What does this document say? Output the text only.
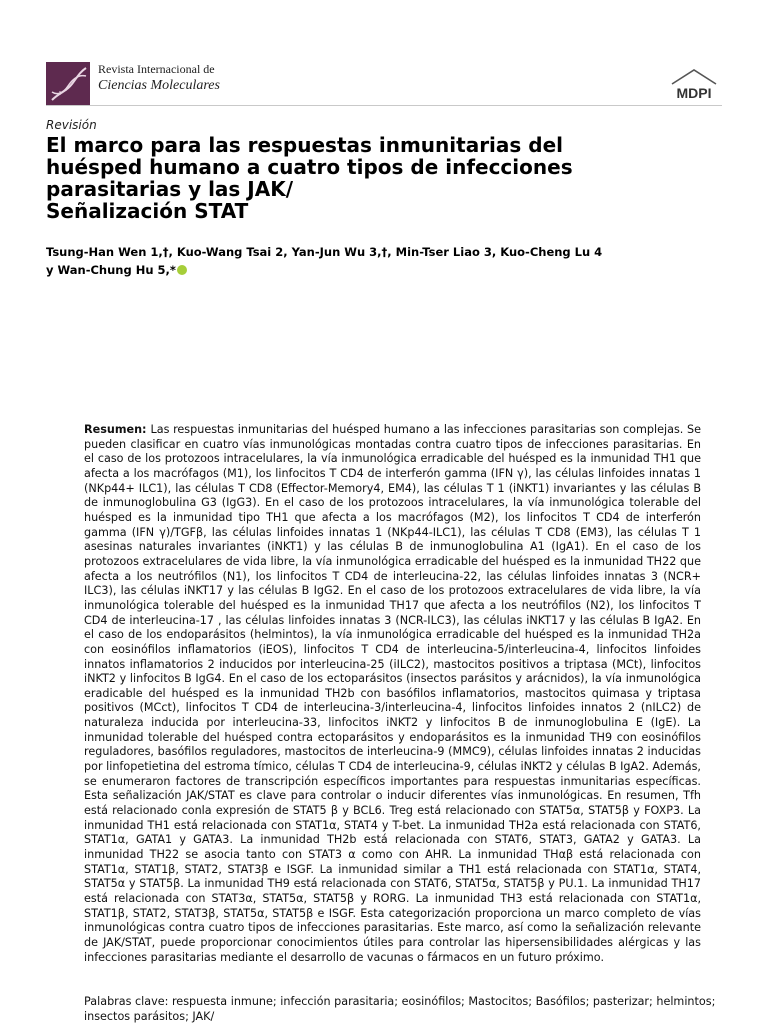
Revista Internacional de
Ciencias Moleculares	MDPI
Revisión
El marco para las respuestas inmunitarias del
huésped humano a cuatro tipos de infecciones
parasitarias y las JAK/
Señalización STAT
Tsung-Han Wen 1,†, Kuo-Wang Tsai 2, Yan-Jun Wu 3,†, Min-Tser Liao 3, Kuo-Cheng Lu 4
y Wan-Chung Hu 5,*
Resumen: Las respuestas inmunitarias del huésped humano a las infecciones parasitarias son complejas. Se pueden clasificar en cuatro vías inmunológicas montadas contra cuatro tipos de infecciones parasitarias. En el caso de los protozoos intracelulares, la vía inmunológica erradicable del huésped es la inmunidad TH1 que afecta a los macrófagos (M1), los linfocitos T CD4 de interferón gamma (IFN γ), las células linfoides innatas 1 (NKp44+ ILC1), las células T CD8 (Effector-Memory4, EM4), las células T 1 (iNKT1) invariantes y las células B de inmunoglobulina G3 (IgG3). En el caso de los protozoos intracelulares, la vía inmunológica tolerable del huésped es la inmunidad tipo TH1 que afecta a los macrófagos (M2), los linfocitos T CD4 de interferón gamma (IFN γ)/TGFβ, las células linfoides innatas 1 (NKp44-ILC1), las células T CD8 (EM3), las células T 1 asesinas naturales invariantes (iNKT1) y las células B de inmunoglobulina A1 (IgA1). En el caso de los protozoos extracelulares de vida libre, la vía inmunológica erradicable del huésped es la inmunidad TH22 que afecta a los neutrófilos (N1), los linfocitos T CD4 de interleucina-22, las células linfoides innatas 3 (NCR+ ILC3), las células iNKT17 y las células B IgG2. En el caso de los protozoos extracelulares de vida libre, la vía inmunológica tolerable del huésped es la inmunidad TH17 que afecta a los neutrófilos (N2), los linfocitos T CD4 de interleucina-17 , las células linfoides innatas 3 (NCR-ILC3), las células iNKT17 y las células B IgA2. En el caso de los endoparásitos (helmintos), la vía inmunológica erradicable del huésped es la inmunidad TH2a con eosinófilos inflamatorios (iEOS), linfocitos T CD4 de interleucina-5/interleucina-4, linfocitos linfoides innatos inflamatorios 2 inducidos por interleucina-25 (iILC2), mastocitos positivos a triptasa (MCt), linfocitos iNKT2 y linfocitos B IgG4. En el caso de los ectoparásitos (insectos parásitos y arácnidos), la vía inmunológica eradicable del huésped es la inmunidad TH2b con basófilos inflamatorios, mastocitos quimasa y triptasa positivos (MCct), linfocitos T CD4 de interleucina-3/interleucina-4, linfocitos linfoides innatos 2 (nILC2) de naturaleza inducida por interleucina-33, linfocitos iNKT2 y linfocitos B de inmunoglobulina E (IgE). La inmunidad tolerable del huésped contra ectoparásitos y endoparásitos es la inmunidad TH9 con eosinófilos reguladores, basófilos reguladores, mastocitos de interleucina-9 (MMC9), células linfoides innatas 2 inducidas por linfopetietina del estroma tímico, células T CD4 de interleucina-9, células iNKT2 y células B IgA2. Además, se enumeraron factores de transcripción específicos importantes para respuestas inmunitarias específicas. Esta señalización JAK/STAT es clave para controlar o inducir diferentes vías inmunológicas. En resumen, Tfh está relacionado conla expresión de STAT5 β y BCL6. Treg está relacionado con STAT5α, STAT5β y FOXP3. La inmunidad TH1 está relacionada con STAT1α, STAT4 y T-bet. La inmunidad TH2a está relacionada con STAT6, STAT1α, GATA1 y GATA3. La inmunidad TH2b está relacionada con STAT6, STAT3, GATA2 y GATA3. La inmunidad TH22 se asocia tanto con STAT3 α como con AHR. La inmunidad THαβ está relacionada con STAT1α, STAT1β, STAT2, STAT3β e ISGF. La inmunidad similar a TH1 está relacionada con STAT1α, STAT4, STAT5α y STAT5β. La inmunidad TH9 está relacionada con STAT6, STAT5α, STAT5β y PU.1. La inmunidad TH17 está relacionada con STAT3α, STAT5α, STAT5β y RORG. La inmunidad TH3 está relacionada con STAT1α, STAT1β, STAT2, STAT3β, STAT5α, STAT5β e ISGF. Esta categorización proporciona un marco completo de vías inmunológicas contra cuatro tipos de infecciones parasitarias. Este marco, así como la señalización relevante de JAK/STAT, puede proporcionar conocimientos útiles para controlar las hipersensibilidades alérgicas y las infecciones parasitarias mediante el desarrollo de vacunas o fármacos en un futuro próximo.
Palabras clave: respuesta inmune; infección parasitaria; eosinófilos; Mastocitos; Basófilos; pasterizar; helmintos; insectos parásitos; JAK/
